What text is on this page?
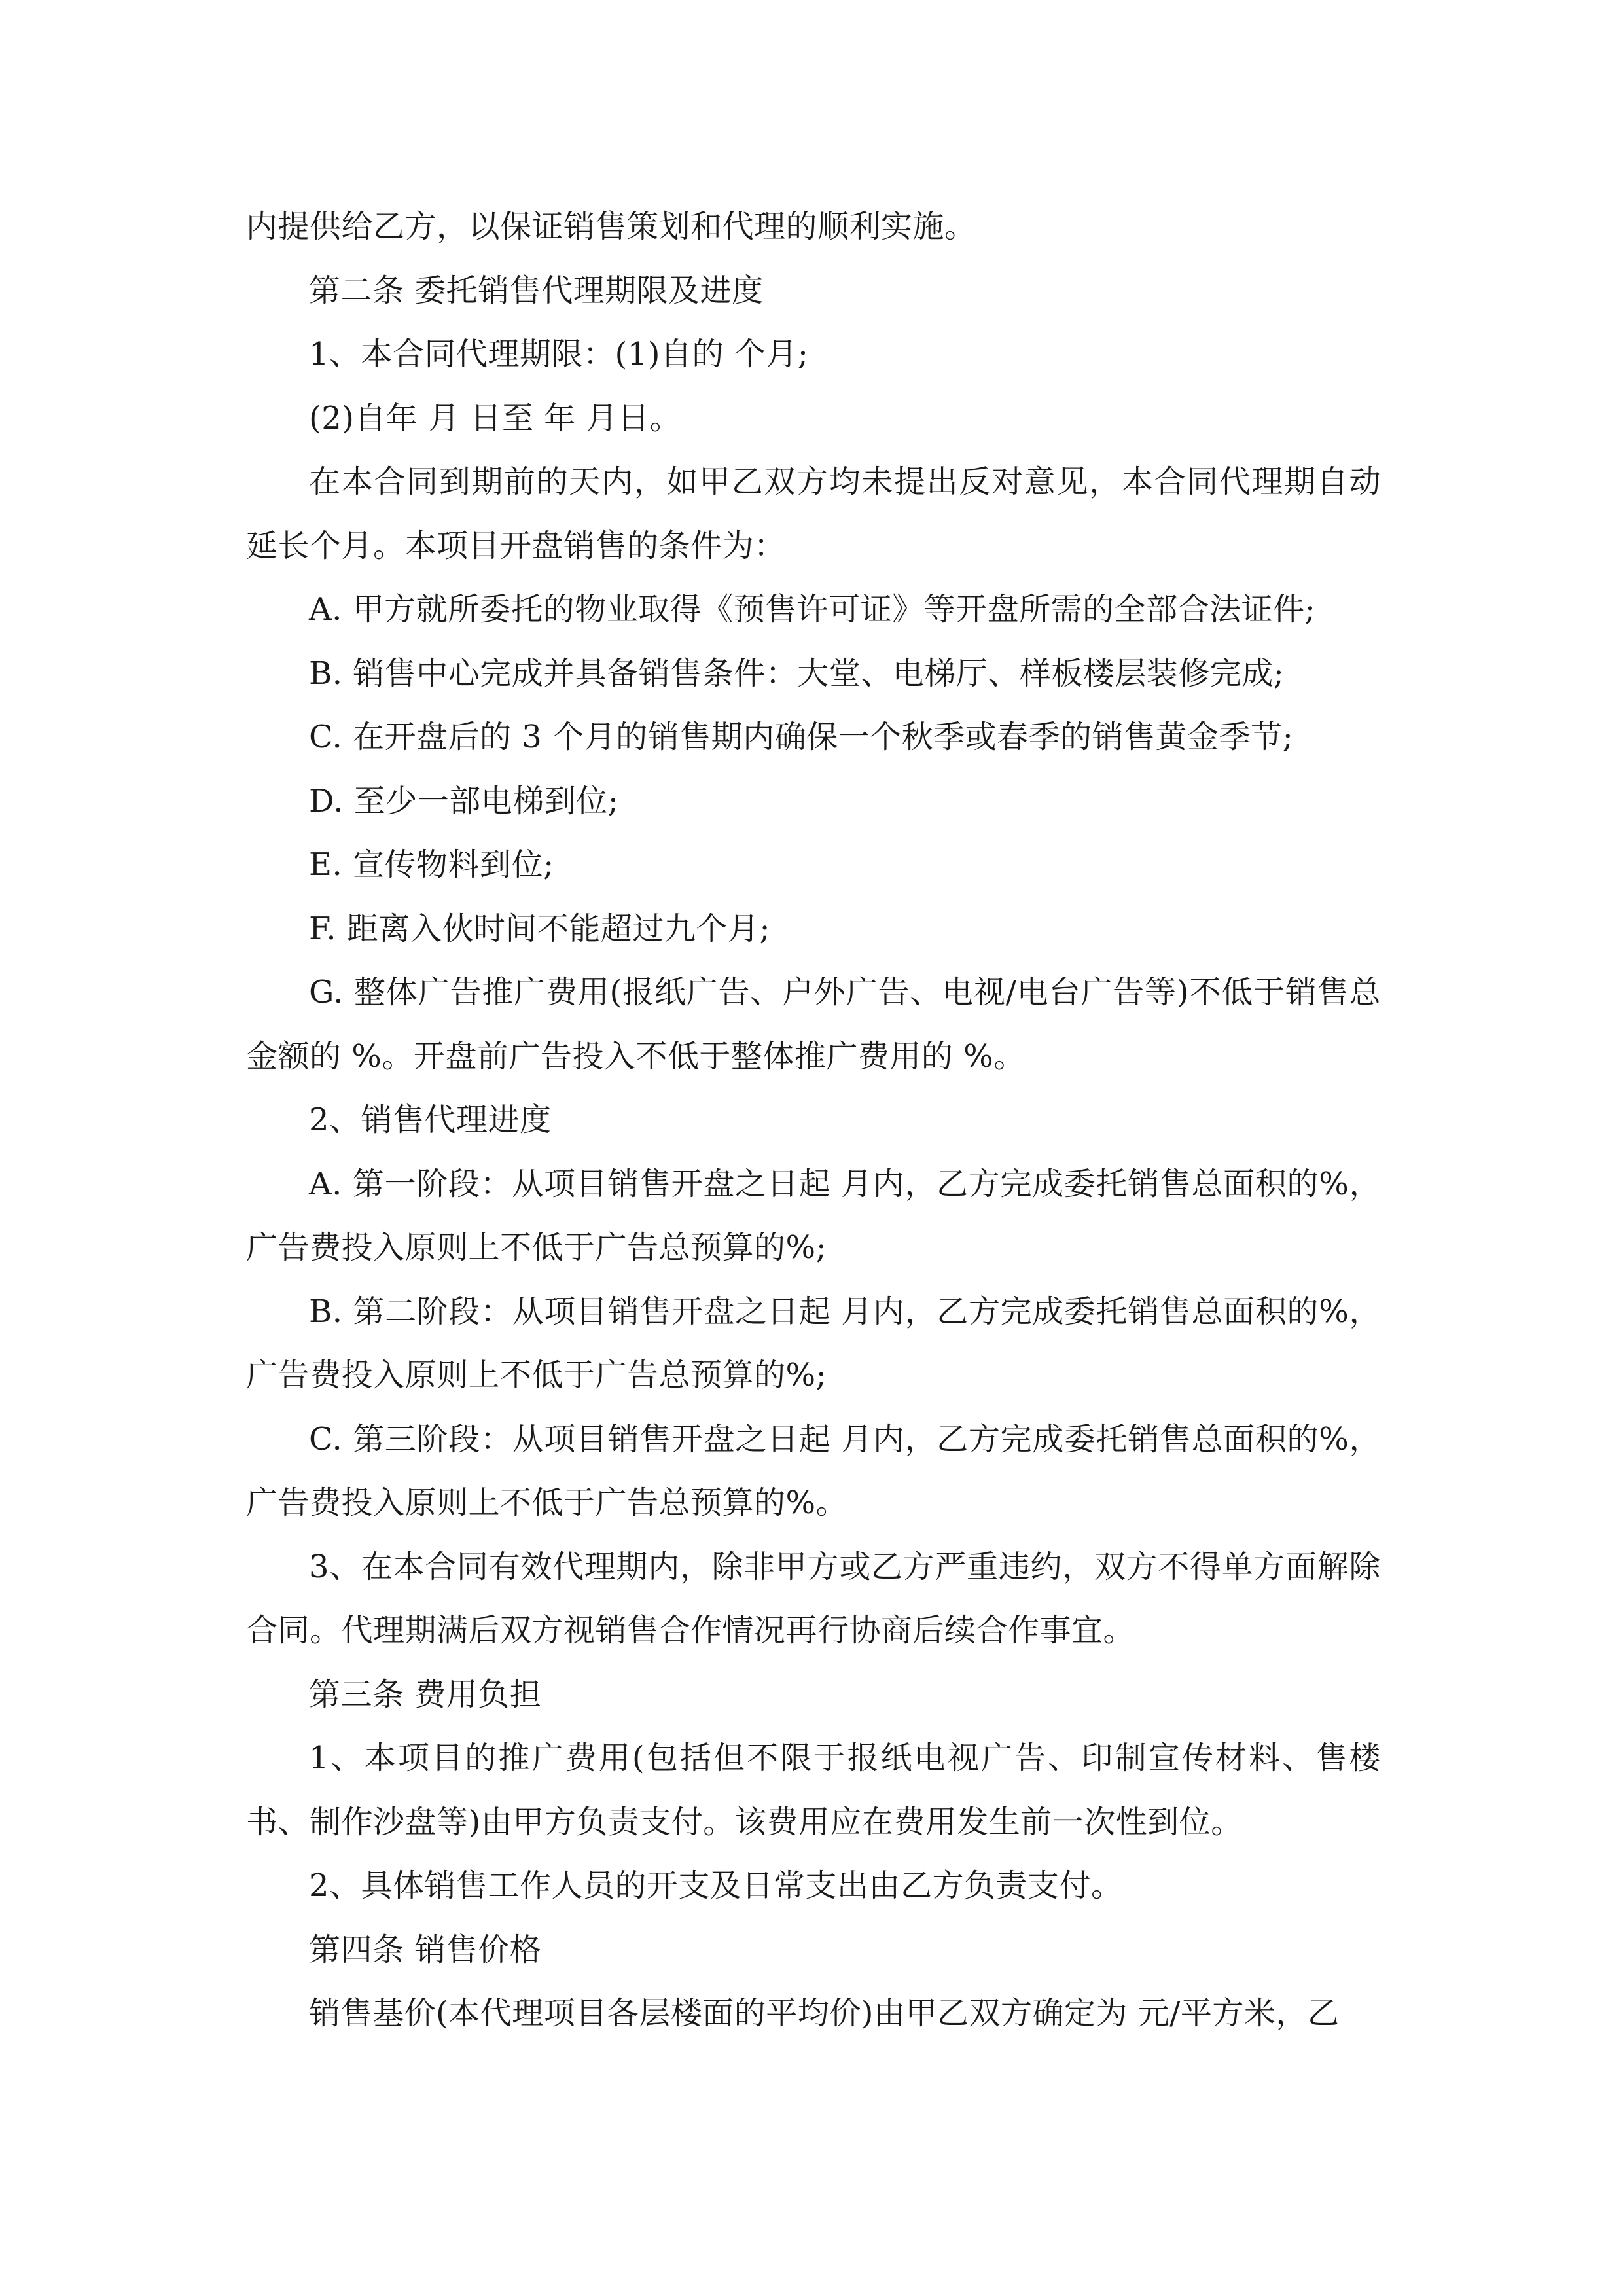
内提供给乙方，以保证销售策划和代理的顺利实施。

第二条 委托销售代理期限及进度

1、本合同代理期限：(1)自的 个月;

(2)自年 月 日至 年 月日。

在本合同到期前的天内，如甲乙双方均未提出反对意见，本合同代理期自动延长个月。本项目开盘销售的条件为：

A. 甲方就所委托的物业取得《预售许可证》等开盘所需的全部合法证件;

B. 销售中心完成并具备销售条件：大堂、电梯厅、样板楼层装修完成;

C. 在开盘后的 3 个月的销售期内确保一个秋季或春季的销售黄金季节;

D. 至少一部电梯到位;

E. 宣传物料到位;

F. 距离入伙时间不能超过九个月;

G. 整体广告推广费用(报纸广告、户外广告、电视/电台广告等)不低于销售总金额的 %。开盘前广告投入不低于整体推广费用的 %。

2、销售代理进度

A. 第一阶段：从项目销售开盘之日起 月内，乙方完成委托销售总面积的%，广告费投入原则上不低于广告总预算的%;

B. 第二阶段：从项目销售开盘之日起 月内，乙方完成委托销售总面积的%，广告费投入原则上不低于广告总预算的%;

C. 第三阶段：从项目销售开盘之日起 月内，乙方完成委托销售总面积的%，广告费投入原则上不低于广告总预算的%。

3、在本合同有效代理期内，除非甲方或乙方严重违约，双方不得单方面解除合同。代理期满后双方视销售合作情况再行协商后续合作事宜。

第三条 费用负担

1、本项目的推广费用(包括但不限于报纸电视广告、印制宣传材料、售楼书、制作沙盘等)由甲方负责支付。该费用应在费用发生前一次性到位。

2、具体销售工作人员的开支及日常支出由乙方负责支付。

第四条 销售价格

销售基价(本代理项目各层楼面的平均价)由甲乙双方确定为 元/平方米，乙
